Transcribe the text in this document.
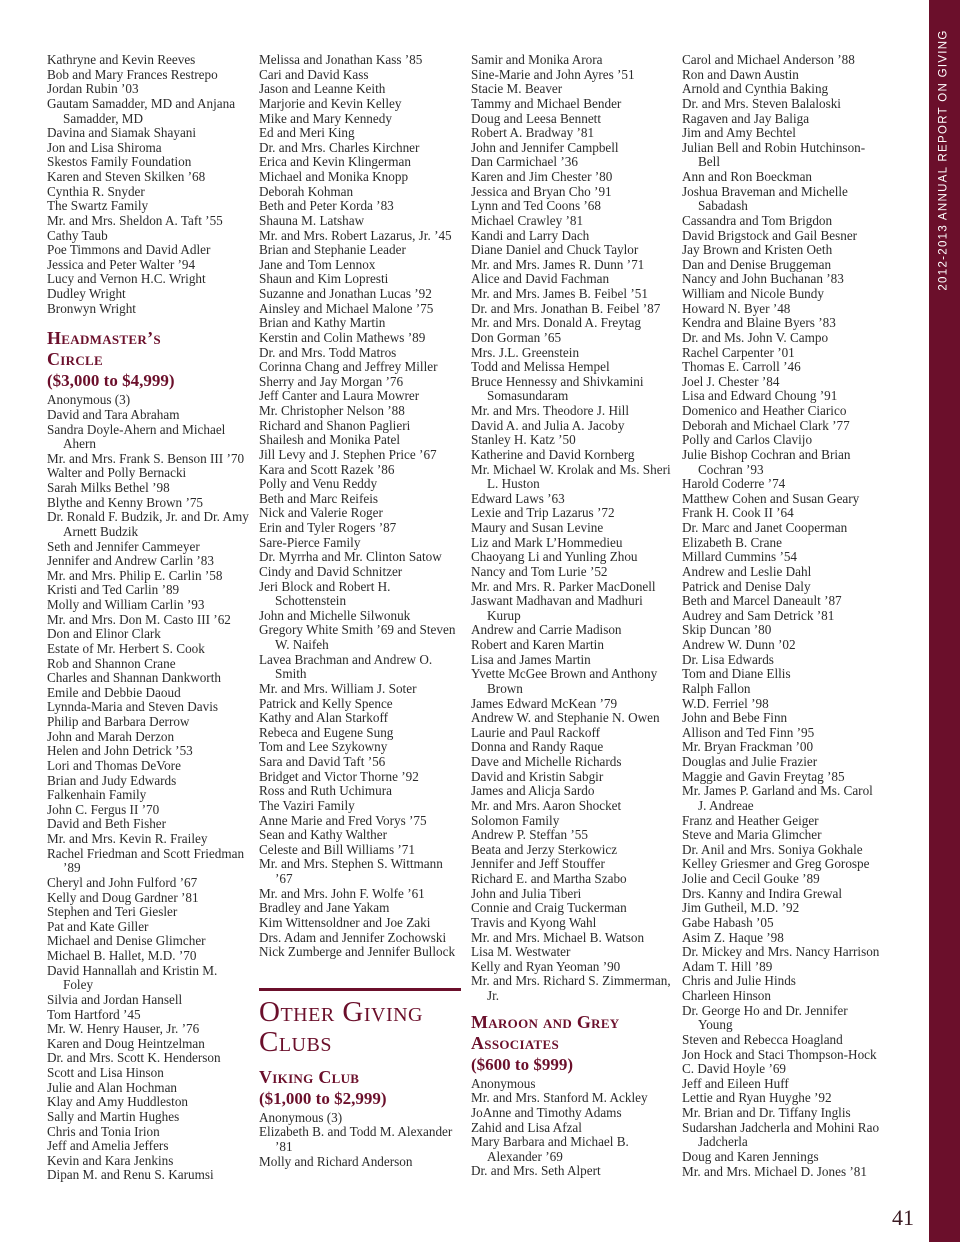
2012-2013 ANNUAL REPORT ON GIVING

Kathryne and Kevin Reeves

Bob and Mary Frances Restrepo

Jordan Rubin ’03

Gautam Samadder, MD and Anjana Samadder, MD

Davina and Siamak Shayani

Jon and Lisa Shiroma

Skestos Family Foundation

Karen and Steven Skilken ’68

Cynthia R. Snyder

The Swartz Family

Mr. and Mrs. Sheldon A. Taft ’55

Cathy Taub

Poe Timmons and David Adler

Jessica and Peter Walter ’94

Lucy and Vernon H.C. Wright

Dudley Wright

Bronwyn Wright

Headmaster’s
Circle
($3,000 to $4,999)

Anonymous (3)

David and Tara Abraham

Sandra Doyle-Ahern and Michael Ahern

Mr. and Mrs. Frank S. Benson III ’70

Walter and Polly Bernacki

Sarah Milks Bethel ’98

Blythe and Kenny Brown ’75

Dr. Ronald F. Budzik, Jr. and Dr. Amy Arnett Budzik

Seth and Jennifer Cammeyer

Jennifer and Andrew Carlin ’83

Mr. and Mrs. Philip E. Carlin ’58

Kristi and Ted Carlin ’89

Molly and William Carlin ’93

Mr. and Mrs. Don M. Casto III ’62

Don and Elinor Clark

Estate of Mr. Herbert S. Cook

Rob and Shannon Crane

Charles and Shannan Dankworth

Emile and Debbie Daoud

Lynnda-Maria and Steven Davis

Philip and Barbara Derrow

John and Marah Derzon

Helen and John Detrick ’53

Lori and Thomas DeVore

Brian and Judy Edwards

Falkenhain Family

John C. Fergus II ’70

David and Beth Fisher

Mr. and Mrs. Kevin R. Frailey

Rachel Friedman and Scott Friedman ’89

Cheryl and John Fulford ’67

Kelly and Doug Gardner ’81

Stephen and Teri Giesler

Pat and Kate Giller

Michael and Denise Glimcher

Michael B. Hallet, M.D. ’70

David Hannallah and Kristin M. Foley

Silvia and Jordan Hansell

Tom Hartford ’45

Mr. W. Henry Hauser, Jr. ’76

Karen and Doug Heintzelman

Dr. and Mrs. Scott K. Henderson

Scott and Lisa Hinson

Julie and Alan Hochman

Klay and Amy Huddleston

Sally and Martin Hughes

Chris and Tonia Irion

Jeff and Amelia Jeffers

Kevin and Kara Jenkins

Dipan M. and Renu S. Karumsi

Melissa and Jonathan Kass ’85

Cari and David Kass

Jason and Leanne Keith

Marjorie and Kevin Kelley

Mike and Mary Kennedy

Ed and Meri King

Dr. and Mrs. Charles Kirchner

Erica and Kevin Klingerman

Michael and Monika Knopp

Deborah Kohman

Beth and Peter Korda ’83

Shauna M. Latshaw

Mr. and Mrs. Robert Lazarus, Jr. ’45

Brian and Stephanie Leader

Jane and Tom Lennox

Shaun and Kim Lopresti

Suzanne and Jonathan Lucas ’92

Ainsley and Michael Malone ’75

Brian and Kathy Martin

Kerstin and Colin Mathews ’89

Dr. and Mrs. Todd Matros

Corinna Chang and Jeffrey Miller

Sherry and Jay Morgan ’76

Jeff Canter and Laura Mowrer

Mr. Christopher Nelson ’88

Richard and Shanon Paglieri

Shailesh and Monika Patel

Jill Levy and J. Stephen Price ’67

Kara and Scott Razek ’86

Polly and Venu Reddy

Beth and Marc Reifeis

Nick and Valerie Roger

Erin and Tyler Rogers ’87

Sare-Pierce Family

Dr. Myrrha and Mr. Clinton Satow

Cindy and David Schnitzer

Jeri Block and Robert H. Schottenstein

John and Michelle Silwonuk

Gregory White Smith ’69 and Steven W. Naifeh

Lavea Brachman and Andrew O. Smith

Mr. and Mrs. William J. Soter

Patrick and Kelly Spence

Kathy and Alan Starkoff

Rebeca and Eugene Sung

Tom and Lee Szykowny

Sara and David Taft ’56

Bridget and Victor Thorne ’92

Ross and Ruth Uchimura

The Vaziri Family

Anne Marie and Fred Vorys ’75

Sean and Kathy Walther

Celeste and Bill Williams ’71

Mr. and Mrs. Stephen S. Wittmann ’67

Mr. and Mrs. John F. Wolfe ’61

Bradley and Jane Yakam

Kim Wittensoldner and Joe Zaki

Drs. Adam and Jennifer Zochowski

Nick Zumberge and Jennifer Bullock

Other Giving
Clubs
Viking Club
($1,000 to $2,999)

Anonymous (3)

Elizabeth B. and Todd M. Alexander ’81

Molly and Richard Anderson

Samir and Monika Arora

Sine-Marie and John Ayres ’51

Stacie M. Beaver

Tammy and Michael Bender

Doug and Leesa Bennett

Robert A. Bradway ’81

John and Jennifer Campbell

Dan Carmichael ’36

Karen and Jim Chester ’80

Jessica and Bryan Cho ’91

Lynn and Ted Coons ’68

Michael Crawley ’81

Kandi and Larry Dach

Diane Daniel and Chuck Taylor

Mr. and Mrs. James R. Dunn ’71

Alice and David Fachman

Mr. and Mrs. James B. Feibel ’51

Dr. and Mrs. Jonathan B. Feibel ’87

Mr. and Mrs. Donald A. Freytag

Don Gorman ’65

Mrs. J.L. Greenstein

Todd and Melissa Hempel

Bruce Hennessy and Shivkamini Somasundaram

Mr. and Mrs. Theodore J. Hill

David A. and Julia A. Jacoby

Stanley H. Katz ’50

Katherine and David Kornberg

Mr. Michael W. Krolak and Ms. Sheri L. Huston

Edward Laws ’63

Lexie and Trip Lazarus ’72

Maury and Susan Levine

Liz and Mark L’Hommedieu

Chaoyang Li and Yunling Zhou

Nancy and Tom Lurie ’52

Mr. and Mrs. R. Parker MacDonell

Jaswant Madhavan and Madhuri Kurup

Andrew and Carrie Madison

Robert and Karen Martin

Lisa and James Martin

Yvette McGee Brown and Anthony Brown

James Edward McKean ’79

Andrew W. and Stephanie N. Owen

Laurie and Paul Rackoff

Donna and Randy Raque

Dave and Michelle Richards

David and Kristin Sabgir

James and Alicja Sardo

Mr. and Mrs. Aaron Shocket

Solomon Family

Andrew P. Steffan ’55

Beata and Jerzy Sterkowicz

Jennifer and Jeff Stouffer

Richard E. and Martha Szabo

John and Julia Tiberi

Connie and Craig Tuckerman

Travis and Kyong Wahl

Mr. and Mrs. Michael B. Watson

Lisa M. Westwater

Kelly and Ryan Yeoman ’90

Mr. and Mrs. Richard S. Zimmerman, Jr.

Maroon and Grey
Associates
($600 to $999)

Anonymous

Mr. and Mrs. Stanford M. Ackley

JoAnne and Timothy Adams

Zahid and Lisa Afzal

Mary Barbara and Michael B. Alexander ’69

Dr. and Mrs. Seth Alpert

Carol and Michael Anderson ’88

Ron and Dawn Austin

Arnold and Cynthia Baking

Dr. and Mrs. Steven Balaloski

Ragaven and Jay Baliga

Jim and Amy Bechtel

Julian Bell and Robin Hutchinson-Bell

Ann and Ron Boeckman

Joshua Braveman and Michelle Sabadash

Cassandra and Tom Brigdon

David Brigstock and Gail Besner

Jay Brown and Kristen Oeth

Dan and Denise Bruggeman

Nancy and John Buchanan ’83

William and Nicole Bundy

Howard N. Byer ’48

Kendra and Blaine Byers ’83

Dr. and Ms. John V. Campo

Rachel Carpenter ’01

Thomas E. Carroll ’46

Joel J. Chester ’84

Lisa and Edward Choung ’91

Domenico and Heather Ciarico

Deborah and Michael Clark ’77

Polly and Carlos Clavijo

Julie Bishop Cochran and Brian Cochran ’93

Harold Coderre ’74

Matthew Cohen and Susan Geary

Frank H. Cook II ’64

Dr. Marc and Janet Cooperman

Elizabeth B. Crane

Millard Cummins ’54

Andrew and Leslie Dahl

Patrick and Denise Daly

Beth and Marcel Daneault ’87

Audrey and Sam Detrick ’81

Skip Duncan ’80

Andrew W. Dunn ’02

Dr. Lisa Edwards

Tom and Diane Ellis

Ralph Fallon

W.D. Ferriel ’98

John and Bebe Finn

Allison and Ted Finn ’95

Mr. Bryan Frackman ’00

Douglas and Julie Frazier

Maggie and Gavin Freytag ’85

Mr. James P. Garland and Ms. Carol J. Andreae

Franz and Heather Geiger

Steve and Maria Glimcher

Dr. Anil and Mrs. Soniya Gokhale

Kelley Griesmer and Greg Gorospe

Jolie and Cecil Gouke ’89

Drs. Kanny and Indira Grewal

Jim Gutheil, M.D. ’92

Gabe Habash ’05

Asim Z. Haque ’98

Dr. Mickey and Mrs. Nancy Harrison

Adam T. Hill ’89

Chris and Julie Hinds

Charleen Hinson

Dr. George Ho and Dr. Jennifer Young

Steven and Rebecca Hoagland

Jon Hock and Staci Thompson-Hock

C. David Hoyle ’69

Jeff and Eileen Huff

Lettie and Ryan Huyghe ’92

Mr. Brian and Dr. Tiffany Inglis

Sudarshan Jadcherla and Mohini Rao Jadcherla

Doug and Karen Jennings

Mr. and Mrs. Michael D. Jones ’81

41
